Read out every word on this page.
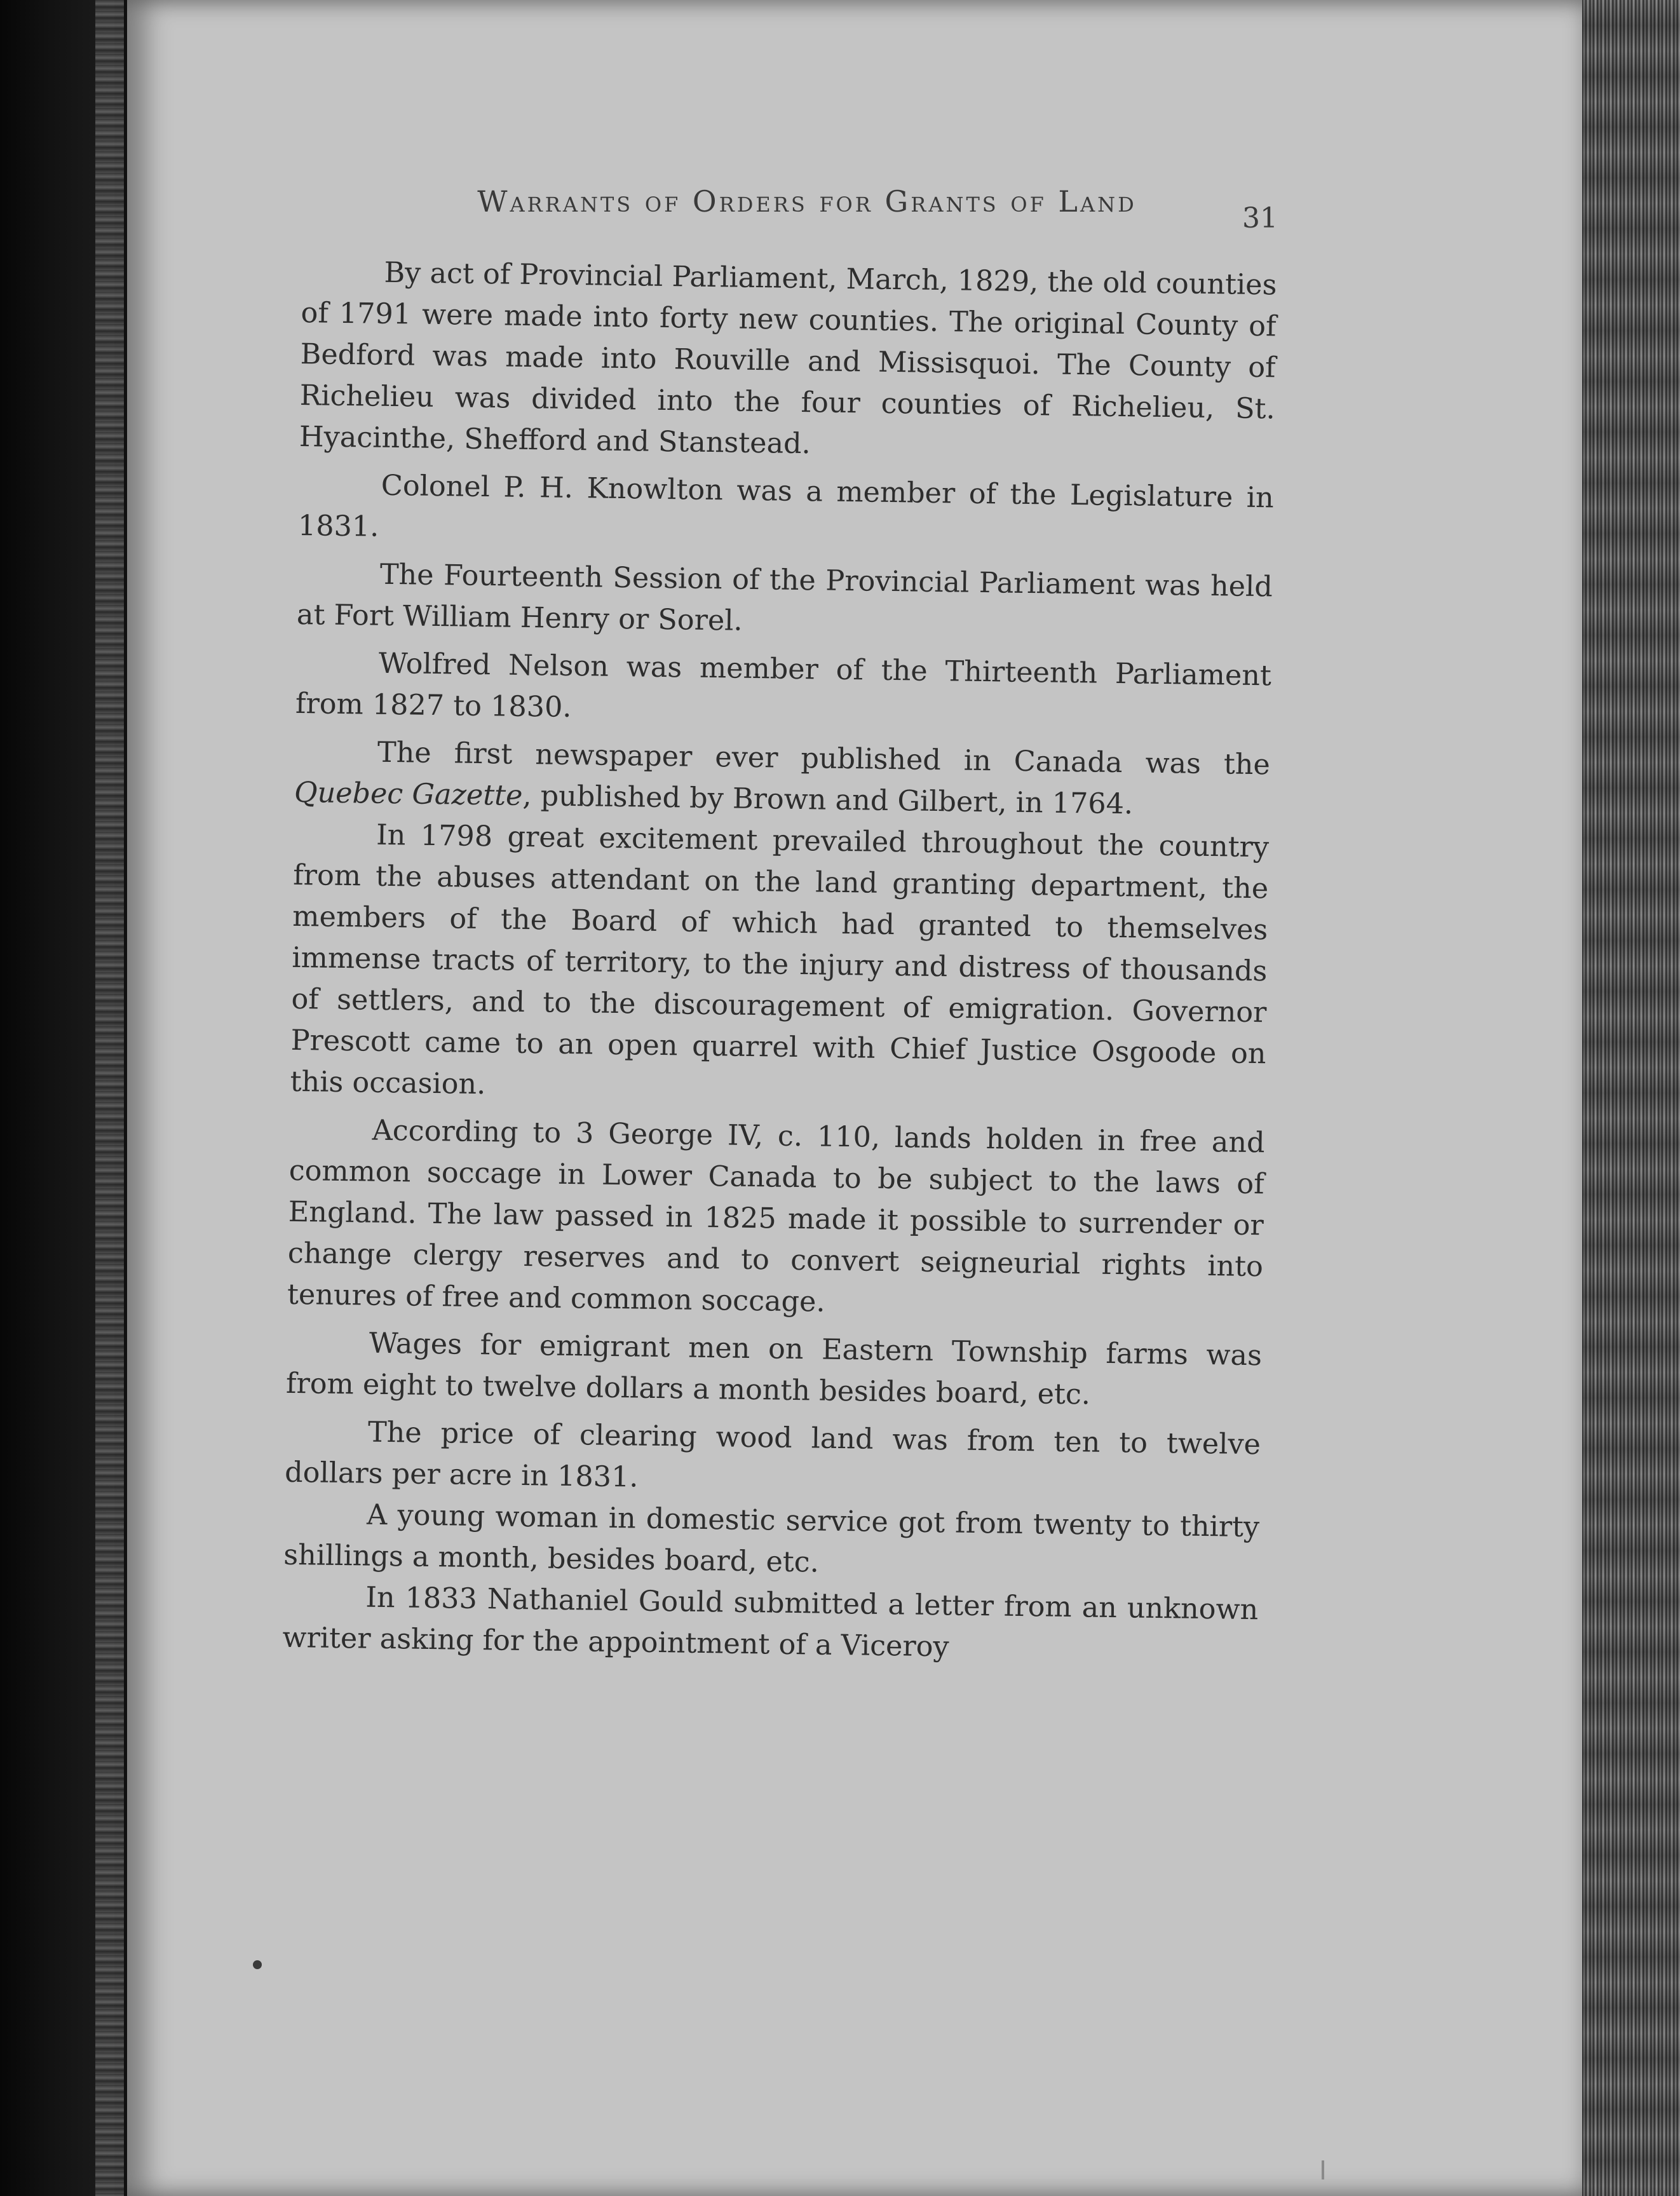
Warrants of Orders for Grants of Land	31

By act of Provincial Parliament, March, 1829, the old counties of 1791 were made into forty new counties. The original County of Bedford was made into Rouville and Missisquoi. The County of Richelieu was divided into the four counties of Richelieu, St. Hyacinthe, Shefford and Stanstead.

Colonel P. H. Knowlton was a member of the Legislature in 1831.

The Fourteenth Session of the Provincial Parliament was held at Fort William Henry or Sorel.

Wolfred Nelson was member of the Thirteenth Parliament from 1827 to 1830.

The first newspaper ever published in Canada was the Quebec Gazette, published by Brown and Gilbert, in 1764.

In 1798 great excitement prevailed throughout the country from the abuses attendant on the land granting department, the members of the Board of which had granted to themselves immense tracts of territory, to the injury and distress of thousands of settlers, and to the discouragement of emigration. Governor Prescott came to an open quarrel with Chief Justice Osgoode on this occasion.

According to 3 George IV, c. 110, lands holden in free and common soccage in Lower Canada to be subject to the laws of England. The law passed in 1825 made it possible to surrender or change clergy reserves and to convert seigneurial rights into tenures of free and common soccage.

Wages for emigrant men on Eastern Township farms was from eight to twelve dollars a month besides board, etc.

The price of clearing wood land was from ten to twelve dollars per acre in 1831.

A young woman in domestic service got from twenty to thirty shillings a month, besides board, etc.

In 1833 Nathaniel Gould submitted a letter from an unknown writer asking for the appointment of a Viceroy
